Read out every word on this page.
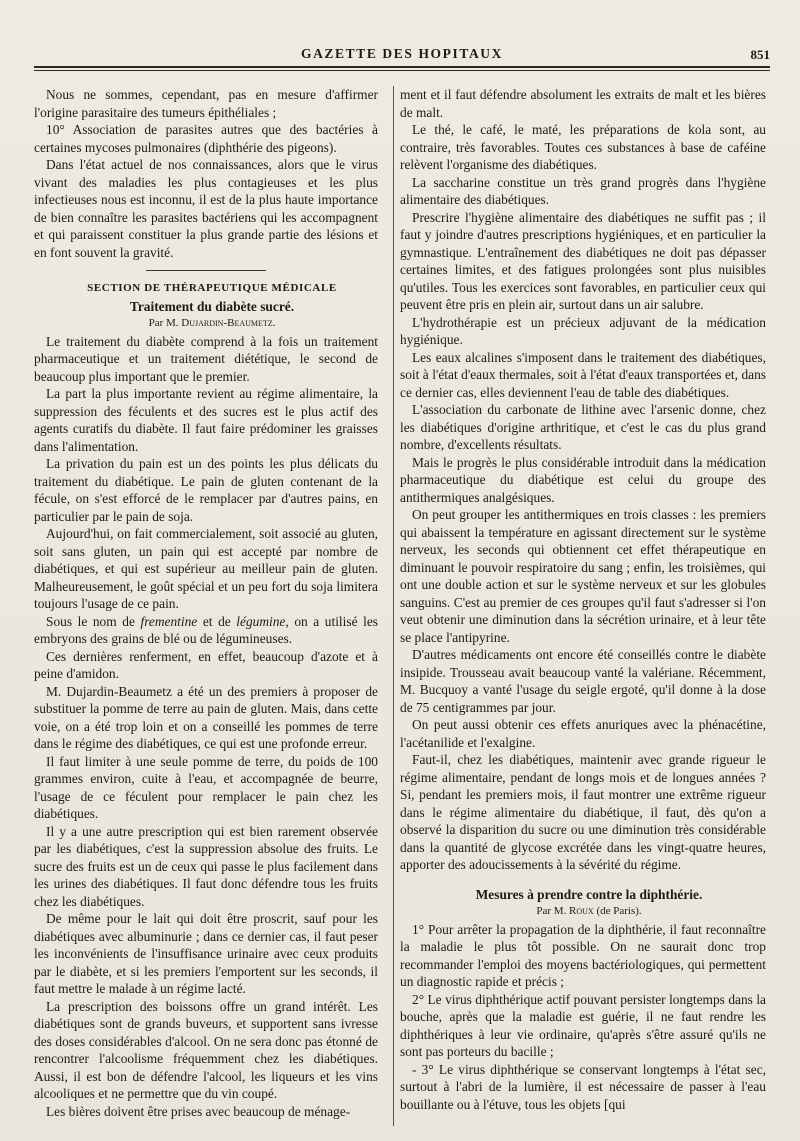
GAZETTE DES HOPITAUX	851

Nous ne sommes, cependant, pas en mesure d'affirmer l'origine parasitaire des tumeurs épithéliales ;

10° Association de parasites autres que des bactéries à certaines mycoses pulmonaires (diphthérie des pigeons).

Dans l'état actuel de nos connaissances, alors que le virus vivant des maladies les plus contagieuses et les plus infectieuses nous est inconnu, il est de la plus haute importance de bien connaître les parasites bactériens qui les accompagnent et qui paraissent constituer la plus grande partie des lésions et en font souvent la gravité.

SECTION DE THÉRAPEUTIQUE MÉDICALE

Traitement du diabète sucré.

Par M. Dujardin-Beaumetz.

Le traitement du diabète comprend à la fois un traitement pharmaceutique et un traitement diététique, le second de beaucoup plus important que le premier.

La part la plus importante revient au régime alimentaire, la suppression des féculents et des sucres est le plus actif des agents curatifs du diabète. Il faut faire prédominer les graisses dans l'alimentation.

La privation du pain est un des points les plus délicats du traitement du diabétique. Le pain de gluten contenant de la fécule, on s'est efforcé de le remplacer par d'autres pains, en particulier par le pain de soja.

Aujourd'hui, on fait commercialement, soit associé au gluten, soit sans gluten, un pain qui est accepté par nombre de diabétiques, et qui est supérieur au meilleur pain de gluten. Malheureusement, le goût spécial et un peu fort du soja limitera toujours l'usage de ce pain.

Sous le nom de frementine et de légumine, on a utilisé les embryons des grains de blé ou de légumineuses.

Ces dernières renferment, en effet, beaucoup d'azote et à peine d'amidon.

M. Dujardin-Beaumetz a été un des premiers à proposer de substituer la pomme de terre au pain de gluten. Mais, dans cette voie, on a été trop loin et on a conseillé les pommes de terre dans le régime des diabétiques, ce qui est une profonde erreur.

Il faut limiter à une seule pomme de terre, du poids de 100 grammes environ, cuite à l'eau, et accompagnée de beurre, l'usage de ce féculent pour remplacer le pain chez les diabétiques.

Il y a une autre prescription qui est bien rarement observée par les diabétiques, c'est la suppression absolue des fruits. Le sucre des fruits est un de ceux qui passe le plus facilement dans les urines des diabétiques. Il faut donc défendre tous les fruits chez les diabétiques.

De même pour le lait qui doit être proscrit, sauf pour les diabétiques avec albuminurie ; dans ce dernier cas, il faut peser les inconvénients de l'insuffisance urinaire avec ceux produits par le diabète, et si les premiers l'emportent sur les seconds, il faut mettre le malade à un régime lacté.

La prescription des boissons offre un grand intérêt. Les diabétiques sont de grands buveurs, et supportent sans ivresse des doses considérables d'alcool. On ne sera donc pas étonné de rencontrer l'alcoolisme fréquemment chez les diabétiques. Aussi, il est bon de défendre l'alcool, les liqueurs et les vins alcooliques et ne permettre que du vin coupé.

Les bières doivent être prises avec beaucoup de ménage-

ment et il faut défendre absolument les extraits de malt et les bières de malt.

Le thé, le café, le maté, les préparations de kola sont, au contraire, très favorables. Toutes ces substances à base de caféine relèvent l'organisme des diabétiques.

La saccharine constitue un très grand progrès dans l'hygiène alimentaire des diabétiques.

Prescrire l'hygiène alimentaire des diabétiques ne suffit pas ; il faut y joindre d'autres prescriptions hygiéniques, et en particulier la gymnastique. L'entraînement des diabétiques ne doit pas dépasser certaines limites, et des fatigues prolongées sont plus nuisibles qu'utiles. Tous les exercices sont favorables, en particulier ceux qui peuvent être pris en plein air, surtout dans un air salubre.

L'hydrothérapie est un précieux adjuvant de la médication hygiénique.

Les eaux alcalines s'imposent dans le traitement des diabétiques, soit à l'état d'eaux thermales, soit à l'état d'eaux transportées et, dans ce dernier cas, elles deviennent l'eau de table des diabétiques.

L'association du carbonate de lithine avec l'arsenic donne, chez les diabétiques d'origine arthritique, et c'est le cas du plus grand nombre, d'excellents résultats.

Mais le progrès le plus considérable introduit dans la médication pharmaceutique du diabétique est celui du groupe des antithermiques analgésiques.

On peut grouper les antithermiques en trois classes : les premiers qui abaissent la température en agissant directement sur le système nerveux, les seconds qui obtiennent cet effet thérapeutique en diminuant le pouvoir respiratoire du sang ; enfin, les troisièmes, qui ont une double action et sur le système nerveux et sur les globules sanguins. C'est au premier de ces groupes qu'il faut s'adresser si l'on veut obtenir une diminution dans la sécrétion urinaire, et à leur tête se place l'antipyrine.

D'autres médicaments ont encore été conseillés contre le diabète insipide. Trousseau avait beaucoup vanté la valériane. Récemment, M. Bucquoy a vanté l'usage du seigle ergoté, qu'il donne à la dose de 75 centigrammes par jour.

On peut aussi obtenir ces effets anuriques avec la phénacétine, l'acétanilide et l'exalgine.

Faut-il, chez les diabétiques, maintenir avec grande rigueur le régime alimentaire, pendant de longs mois et de longues années ? Si, pendant les premiers mois, il faut montrer une extrême rigueur dans le régime alimentaire du diabétique, il faut, dès qu'on a observé la disparition du sucre ou une diminution très considérable dans la quantité de glycose excrétée dans les vingt-quatre heures, apporter des adoucissements à la sévérité du régime.

Mesures à prendre contre la diphthérie.

Par M. Roux (de Paris).

1° Pour arrêter la propagation de la diphthérie, il faut reconnaître la maladie le plus tôt possible. On ne saurait donc trop recommander l'emploi des moyens bactériologiques, qui permettent un diagnostic rapide et précis ;

2° Le virus diphthérique actif pouvant persister longtemps dans la bouche, après que la maladie est guérie, il ne faut rendre les diphthériques à leur vie ordinaire, qu'après s'être assuré qu'ils ne sont pas porteurs du bacille ;

- 3° Le virus diphthérique se conservant longtemps à l'état sec, surtout à l'abri de la lumière, il est nécessaire de passer à l'eau bouillante ou à l'étuve, tous les objets [qui
